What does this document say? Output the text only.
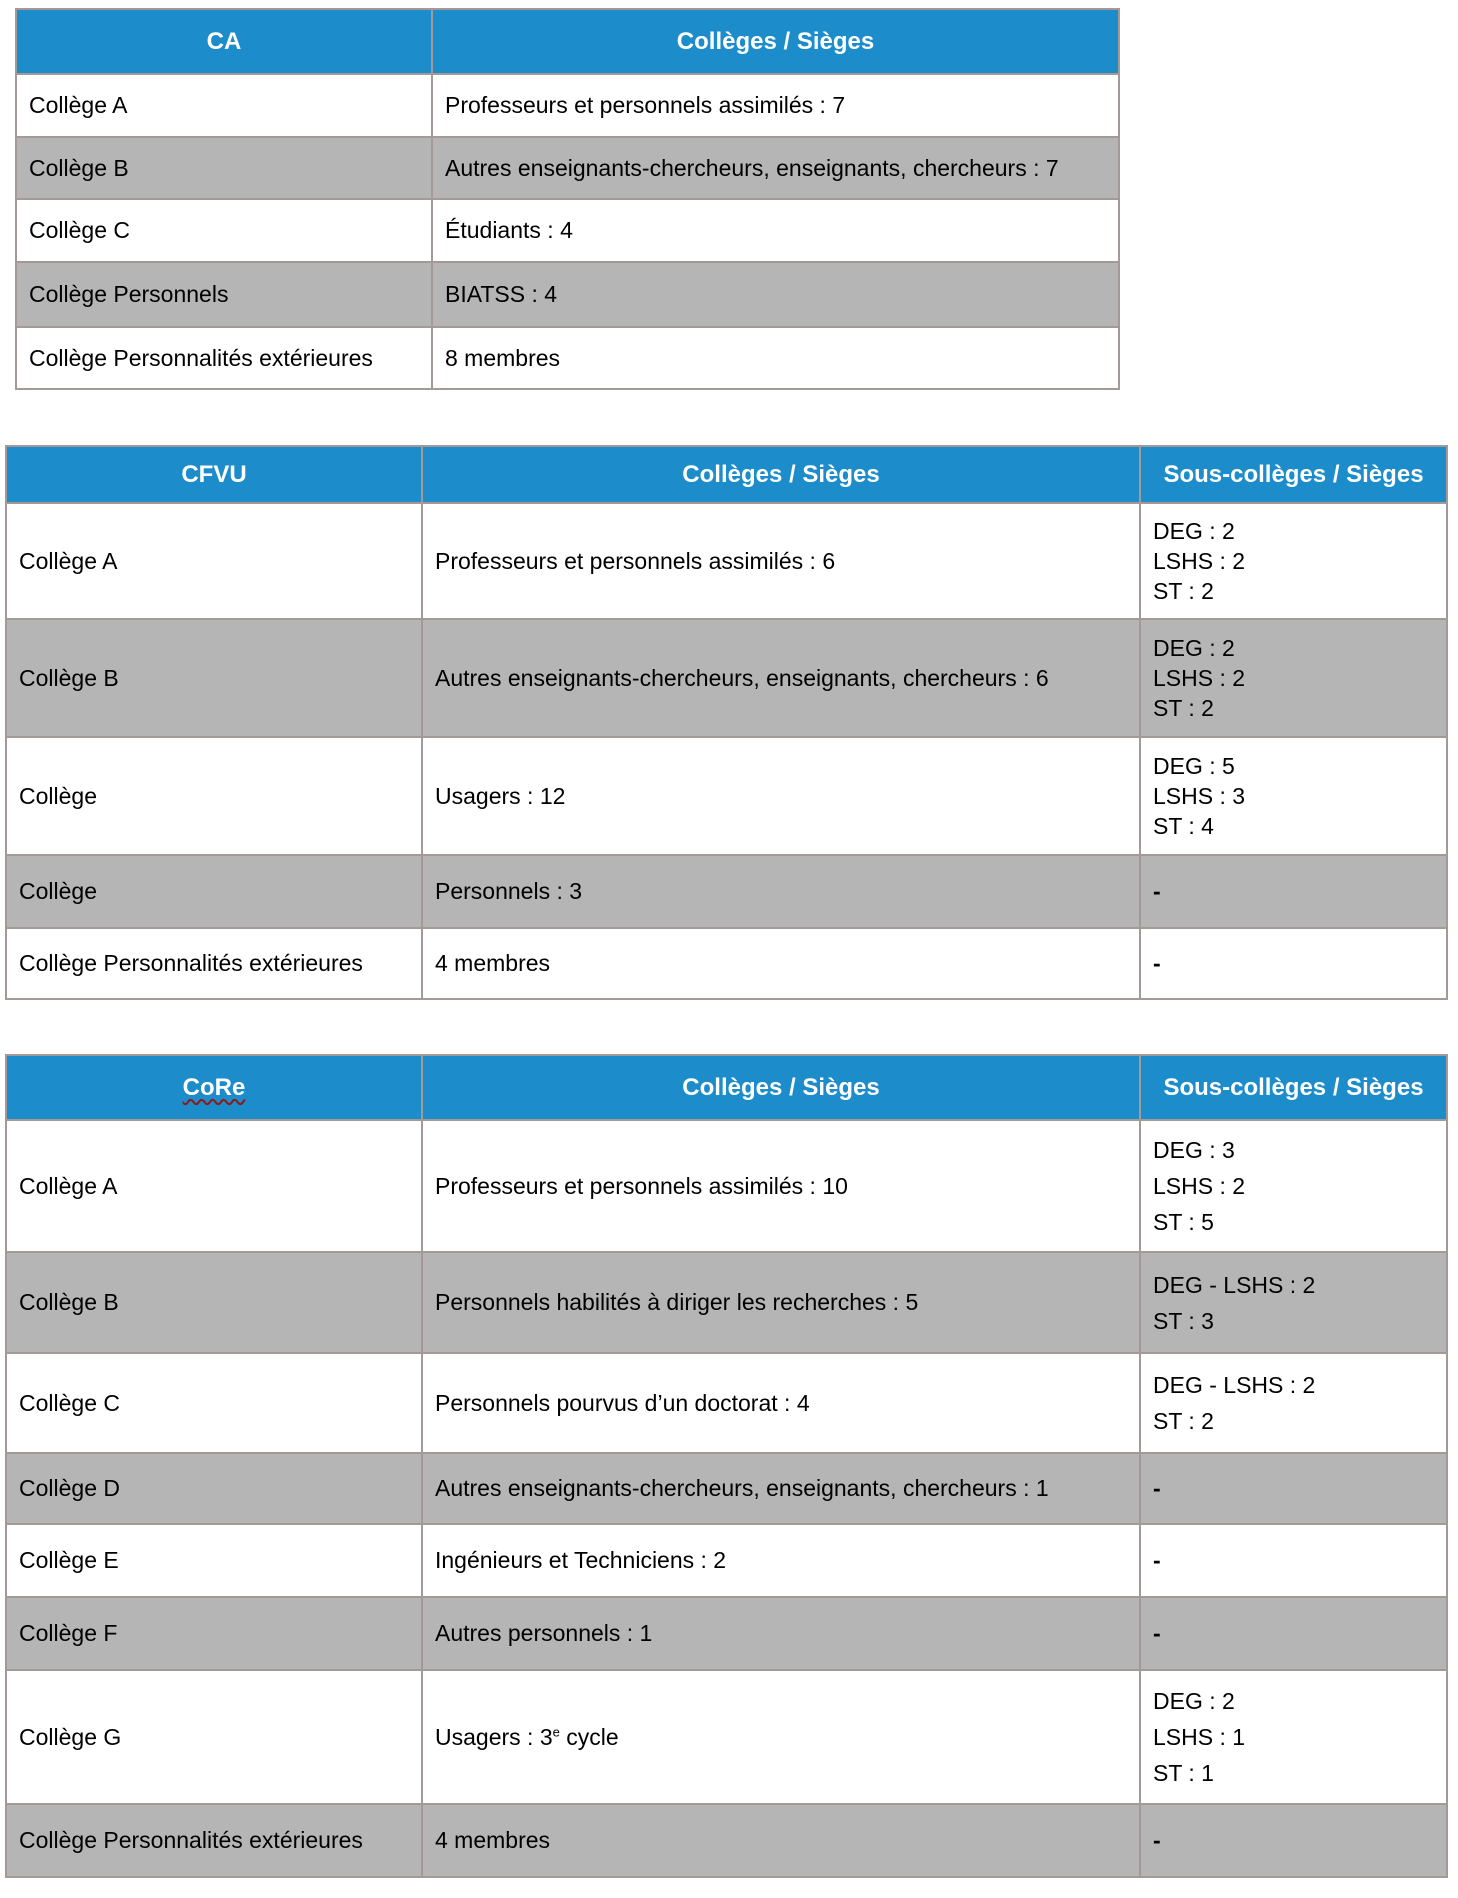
CA	Collèges / Sièges
Collège A	Professeurs et personnels assimilés : 7
Collège B	Autres enseignants-chercheurs, enseignants, chercheurs : 7
Collège C	Étudiants : 4
Collège Personnels	BIATSS : 4
Collège Personnalités extérieures	8 membres
CFVU	Collèges / Sièges	Sous-collèges / Sièges
Collège A	Professeurs et personnels assimilés : 6	DEG : 2
LSHS : 2
ST : 2

Collège B	Autres enseignants-chercheurs, enseignants, chercheurs : 6	DEG : 2
LSHS : 2
ST : 2

Collège	Usagers : 12	DEG : 5
LSHS : 3
ST : 4

Collège	Personnels : 3	-
Collège Personnalités extérieures	4 membres	-
CoRe	Collèges / Sièges	Sous-collèges / Sièges
Collège A	Professeurs et personnels assimilés : 10	DEG : 3
LSHS : 2
ST : 5

Collège B	Personnels habilités à diriger les recherches : 5	DEG - LSHS : 2
ST : 3

Collège C	Personnels pourvus d’un doctorat : 4	DEG - LSHS : 2
ST : 2

Collège D	Autres enseignants-chercheurs, enseignants, chercheurs : 1	-
Collège E	Ingénieurs et Techniciens : 2	-
Collège F	Autres personnels : 1	-
Collège G	Usagers : 3e cycle	DEG : 2
LSHS : 1
ST : 1

Collège Personnalités extérieures	4 membres	-
